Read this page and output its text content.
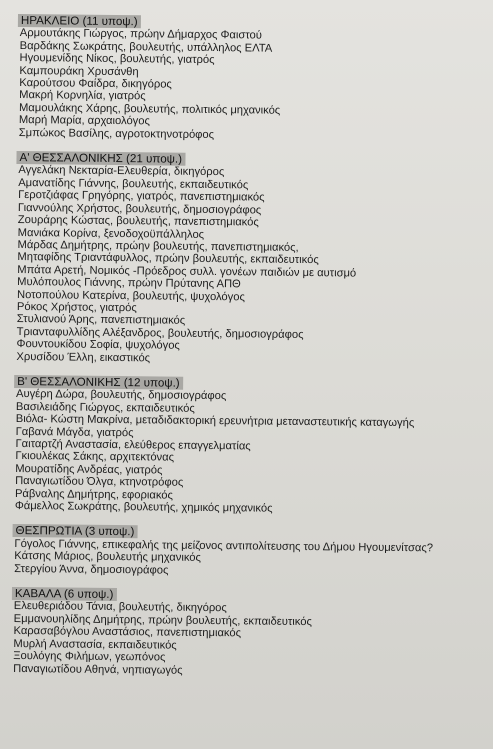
ΗΡΑΚΛΕΙΟ (11 υποψ.)
Αρμουτάκης Γιώργος, πρώην Δήμαρχος Φαιστού
Βαρδάκης Σωκράτης, βουλευτής, υπάλληλος ΕΛΤΑ
Ηγουμενίδης Νίκος, βουλευτής, γιατρός
Καμπουράκη Χρυσάνθη
Καρούτσου Φαίδρα, δικηγόρος
Μακρή Κορνηλία, γιατρός
Μαμουλάκης Χάρης, βουλευτής, πολιτικός μηχανικός
Μαρή Μαρία, αρχαιολόγος
Σμπώκος Βασίλης, αγροτοκτηνοτρόφος
Α' ΘΕΣΣΑΛΟΝΙΚΗΣ (21 υποψ.)
Αγγελάκη Νεκταρία-Ελευθερία, δικηγόρος
Αμανατίδης Γιάννης, βουλευτής, εκπαιδευτικός
Γεροτζιάφας Γρηγόρης, γιατρός, πανεπιστημιακός
Γιαννούλης Χρήστος, βουλευτής, δημοσιογράφος
Ζουράρης Κώστας, βουλευτής, πανεπιστημιακός
Μανιάκα Κορίνα, ξενοδοχοϋπάλληλος
Μάρδας Δημήτρης, πρώην βουλευτής, πανεπιστημιακός,
Μηταφίδης Τριαντάφυλλος, πρώην βουλευτής, εκπαιδευτικός
Μπάτα Αρετή, Νομικός -Πρόεδρος συλλ. γονέων παιδιών με αυτισμό
Μυλόπουλος Γιάννης, πρώην Πρύτανης ΑΠΘ
Νοτοπούλου Κατερίνα, βουλευτής, ψυχολόγος
Ρόκος Χρήστος, γιατρός
Στυλιανού Άρης, πανεπιστημιακός
Τριανταφυλλίδης Αλέξανδρος, βουλευτής, δημοσιογράφος
Φουντουκίδου Σοφία, ψυχολόγος
Χρυσίδου Έλλη, εικαστικός
Β' ΘΕΣΣΑΛΟΝΙΚΗΣ (12 υποψ.)
Αυγέρη Δώρα, βουλευτής, δημοσιογράφος
Βασιλειάδης Γιώργος, εκπαιδευτικός
Βιόλα- Κώστη Μακρίνα, μεταδιδακτορική ερευνήτρια μεταναστευτικής καταγωγής
Γαβανά Μάγδα, γιατρός
Γαιταρτζή Αναστασία, ελεύθερος επαγγελματίας
Γκιουλέκας Σάκης, αρχιτεκτόνας
Μουρατίδης Ανδρέας, γιατρός
Παναγιωτίδου Όλγα, κτηνοτρόφος
Ράβναλης Δημήτρης, εφοριακός
Φάμελλος Σωκράτης, βουλευτής, χημικός μηχανικός
ΘΕΣΠΡΩΤΙΑ (3 υποψ.)
Γόγολος Γιάννης, επικεφαλής της μείζονος αντιπολίτευσης του Δήμου Ηγουμενίτσας?
Κάτσης Μάριος, βουλευτής μηχανικός
Στεργίου Άννα, δημοσιογράφος
ΚΑΒΑΛΑ (6 υποψ.)
Ελευθεριάδου Τάνια, βουλευτής, δικηγόρος
Εμμανουηλίδης Δημήτρης, πρώην βουλευτής, εκπαιδευτικός
Καρασαβόγλου Αναστάσιος, πανεπιστημιακός
Μυρλή Αναστασία, εκπαιδευτικός
Ξουλόγης Φιλήμων, γεωπόνος
Παναγιωτίδου Αθηνά, νηπιαγωγός
